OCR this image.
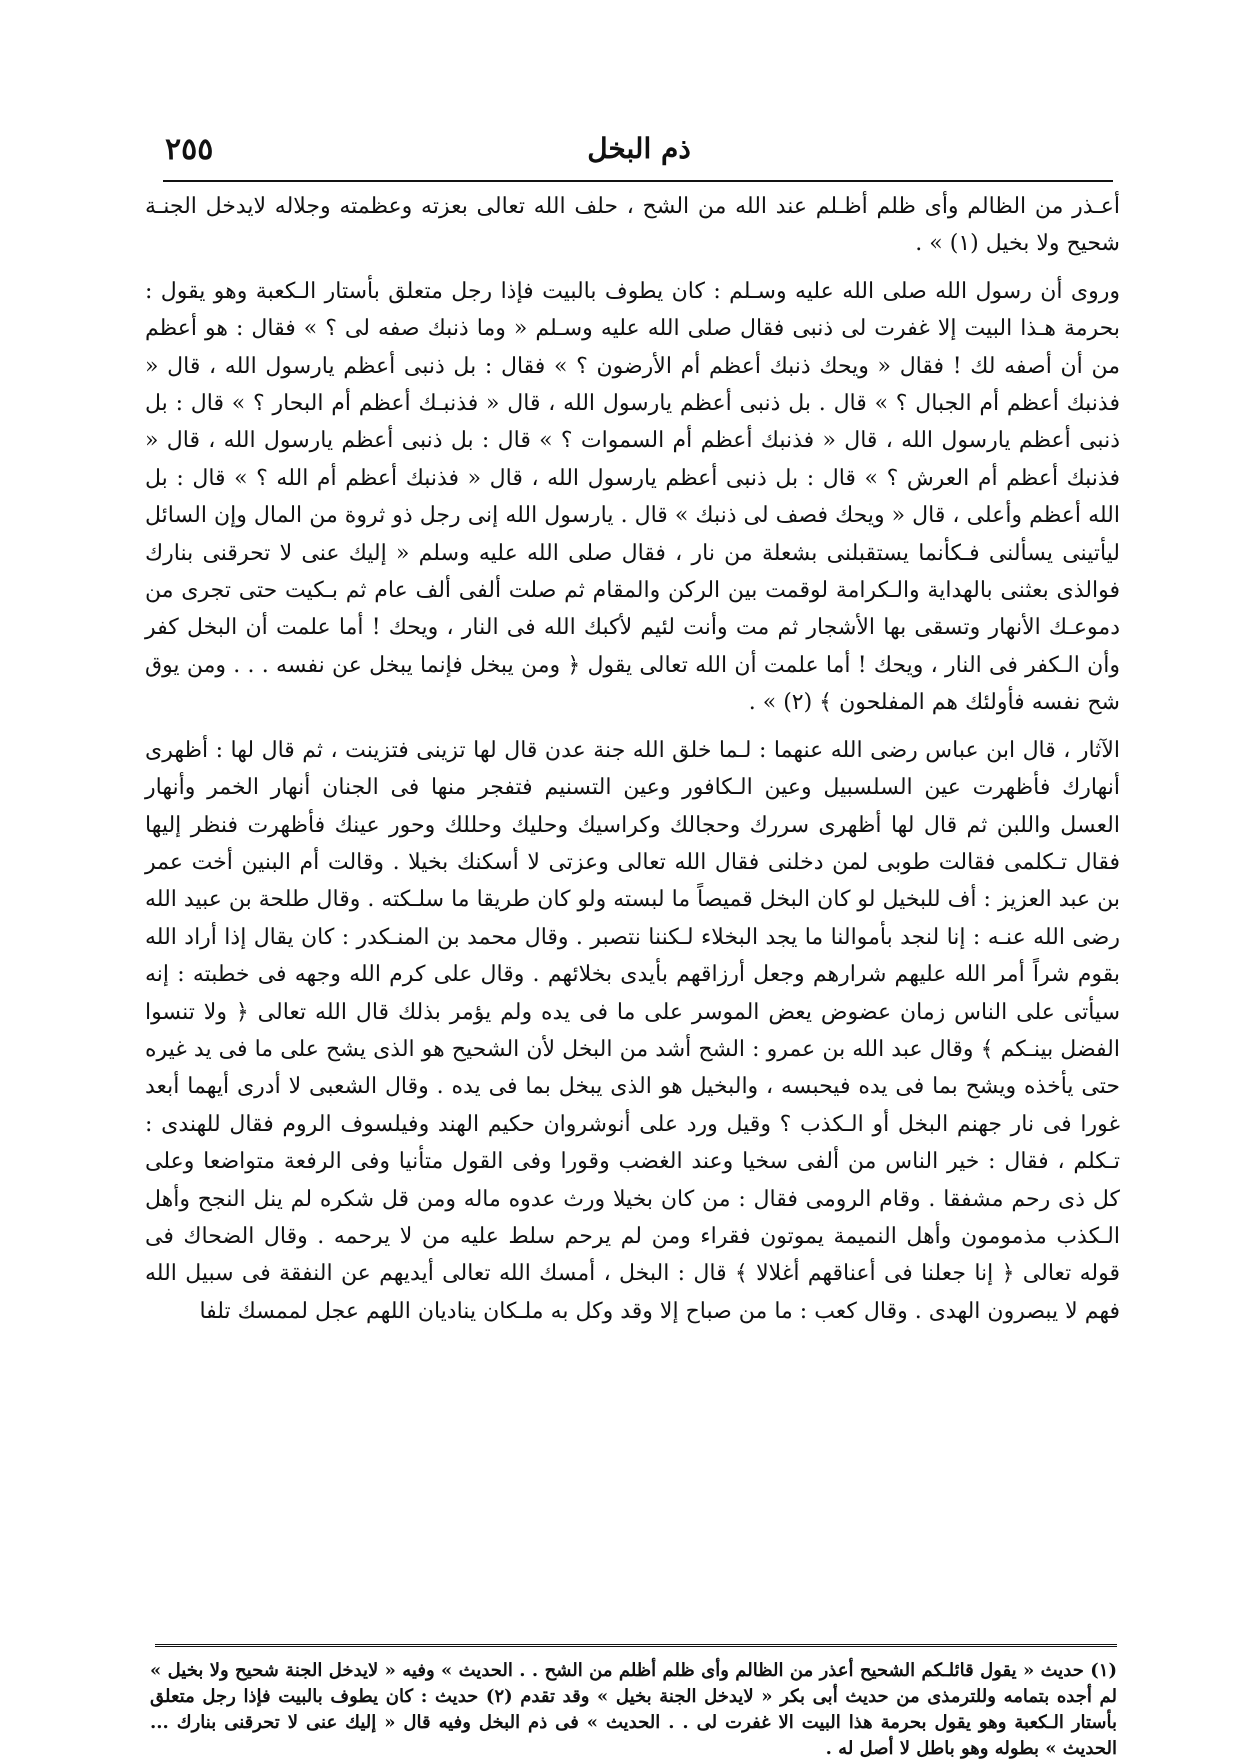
٢٥٥	ذم البخل

أعـذر من الظالم وأى ظلم أظـلم عند الله من الشح ، حلف الله تعالى بعزته وعظمته وجلاله لايدخل الجنـة شحيح ولا بخيل (١) » .

وروى أن رسول الله صلى الله عليه وسـلم : كان يطوف بالبيت فإذا رجل متعلق بأستار الـكعبة وهو يقول : بحرمة هـذا البيت إلا غفرت لى ذنبى فقال صلى الله عليه وسـلم « وما ذنبك صفه لى ؟ » فقال : هو أعظم من أن أصفه لك ! فقال « ويحك ذنبك أعظم أم الأرضون ؟ » فقال : بل ذنبى أعظم يارسول الله ، قال « فذنبك أعظم أم الجبال ؟ » قال . بل ذنبى أعظم يارسول الله ، قال « فذنبـك أعظم أم البحار ؟ » قال : بل ذنبى أعظم يارسول الله ، قال « فذنبك أعظم أم السموات ؟ » قال : بل ذنبى أعظم يارسول الله ، قال « فذنبك أعظم أم العرش ؟ » قال : بل ذنبى أعظم يارسول الله ، قال « فذنبك أعظم أم الله ؟ » قال : بل الله أعظم وأعلى ، قال « ويحك فصف لى ذنبك » قال . يارسول الله إنى رجل ذو ثروة من المال وإن السائل ليأتينى يسألنى فـكأنما يستقبلنى بشعلة من نار ، فقال صلى الله عليه وسلم « إليك عنى لا تحرقنى بنارك فوالذى بعثنى بالهداية والـكرامة لوقمت بين الركن والمقام ثم صلت ألفى ألف عام ثم بـكيت حتى تجرى من دموعـك الأنهار وتسقى بها الأشجار ثم مت وأنت لئيم لأكبك الله فى النار ، ويحك ! أما علمت أن البخل كفر وأن الـكفر فى النار ، ويحك ! أما علمت أن الله تعالى يقول ﴿ ومن يبخل فإنما يبخل عن نفسه . . . ومن يوق شح نفسه فأولئك هم المفلحون ﴾ (٢) » .

الآثار ، قال ابن عباس رضى الله عنهما : لـما خلق الله جنة عدن قال لها تزينى فتزينت ، ثم قال لها : أظهرى أنهارك فأظهرت عين السلسبيل وعين الـكافور وعين التسنيم فتفجر منها فى الجنان أنهار الخمر وأنهار العسل واللبن ثم قال لها أظهرى سررك وحجالك وكراسيك وحليك وحللك وحور عينك فأظهرت فنظر إليها فقال تـكلمى فقالت طوبى لمن دخلنى فقال الله تعالى وعزتى لا أسكنك بخيلا . وقالت أم البنين أخت عمر بن عبد العزيز : أف للبخيل لو كان البخل قميصاً ما لبسته ولو كان طريقا ما سلـكته . وقال طلحة بن عبيد الله رضى الله عنـه : إنا لنجد بأموالنا ما يجد البخلاء لـكننا نتصبر . وقال محمد بن المنـكدر : كان يقال إذا أراد الله بقوم شراً أمر الله عليهم شرارهم وجعل أرزاقهم بأيدى بخلائهم . وقال على كرم الله وجهه فى خطبته : إنه سيأتى على الناس زمان عضوض يعض الموسر على ما فى يده ولم يؤمر بذلك قال الله تعالى ﴿ ولا تنسوا الفضل بينـكم ﴾ وقال عبد الله بن عمرو : الشح أشد من البخل لأن الشحيح هو الذى يشح على ما فى يد غيره حتى يأخذه ويشح بما فى يده فيحبسه ، والبخيل هو الذى يبخل بما فى يده . وقال الشعبى لا أدرى أيهما أبعد غورا فى نار جهنم البخل أو الـكذب ؟ وقيل ورد على أنوشروان حكيم الهند وفيلسوف الروم فقال للهندى : تـكلم ، فقال : خير الناس من ألفى سخيا وعند الغضب وقورا وفى القول متأنيا وفى الرفعة متواضعا وعلى كل ذى رحم مشفقا . وقام الرومى فقال : من كان بخيلا ورث عدوه ماله ومن قل شكره لم ينل النجح وأهل الـكذب مذمومون وأهل النميمة يموتون فقراء ومن لم يرحم سلط عليه من لا يرحمه . وقال الضحاك فى قوله تعالى ﴿ إنا جعلنا فى أعناقهم أغلالا ﴾ قال : البخل ، أمسك الله تعالى أيديهم عن النفقة فى سبيل الله فهم لا يبصرون الهدى . وقال كعب : ما من صباح إلا وقد وكل به ملـكان يناديان اللهم عجل لممسك تلفا

(١) حديث « يقول قائلـكم الشحيح أعذر من الظالم وأى ظلم أظلم من الشح . . الحديث » وفيه « لايدخل الجنة شحيح ولا بخيل » لم أجده بتمامه وللترمذى من حديث أبى بكر « لايدخل الجنة بخيل » وقد تقدم (٢) حديث : كان يطوف بالبيت فإذا رجل متعلق بأستار الـكعبة وهو يقول بحرمة هذا البيت الا غفرت لى . . الحديث » فى ذم البخل وفيه قال « إليك عنى لا تحرقنى بنارك ... الحديث » بطوله وهو باطل لا أصل له .
